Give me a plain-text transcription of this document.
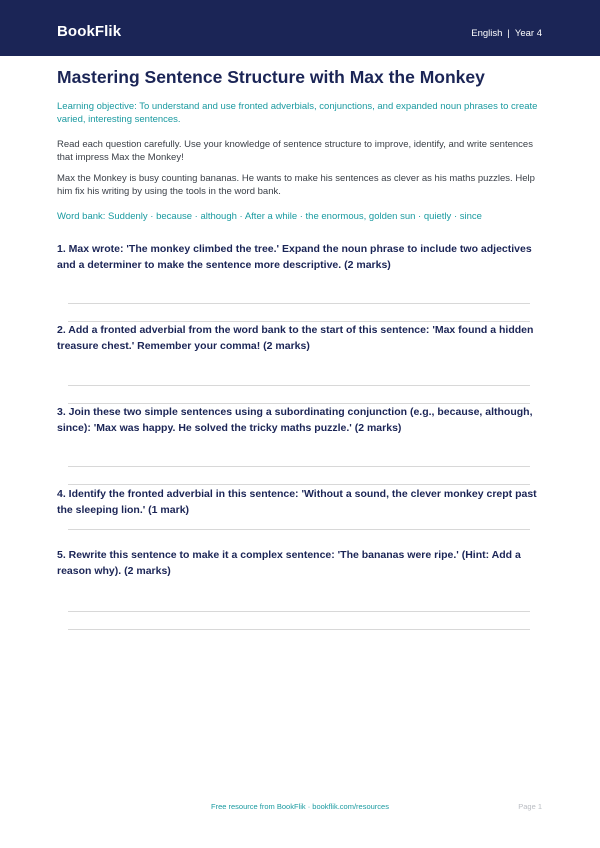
BookFlik	English | Year 4
Mastering Sentence Structure with Max the Monkey

Learning objective: To understand and use fronted adverbials, conjunctions, and expanded noun phrases to create varied, interesting sentences.

Read each question carefully. Use your knowledge of sentence structure to improve, identify, and write sentences that impress Max the Monkey!

Max the Monkey is busy counting bananas. He wants to make his sentences as clever as his maths puzzles. Help him fix his writing by using the tools in the word bank.

Word bank: Suddenly · because · although · After a while · the enormous, golden sun · quietly · since

1. Max wrote: 'The monkey climbed the tree.' Expand the noun phrase to include two adjectives and a determiner to make the sentence more descriptive. (2 marks)

2. Add a fronted adverbial from the word bank to the start of this sentence: 'Max found a hidden treasure chest.' Remember your comma! (2 marks)

3. Join these two simple sentences using a subordinating conjunction (e.g., because, although, since): 'Max was happy. He solved the tricky maths puzzle.' (2 marks)

4. Identify the fronted adverbial in this sentence: 'Without a sound, the clever monkey crept past the sleeping lion.' (1 mark)

5. Rewrite this sentence to make it a complex sentence: 'The bananas were ripe.' (Hint: Add a reason why). (2 marks)

Free resource from BookFlik · bookflik.com/resources	Page 1
